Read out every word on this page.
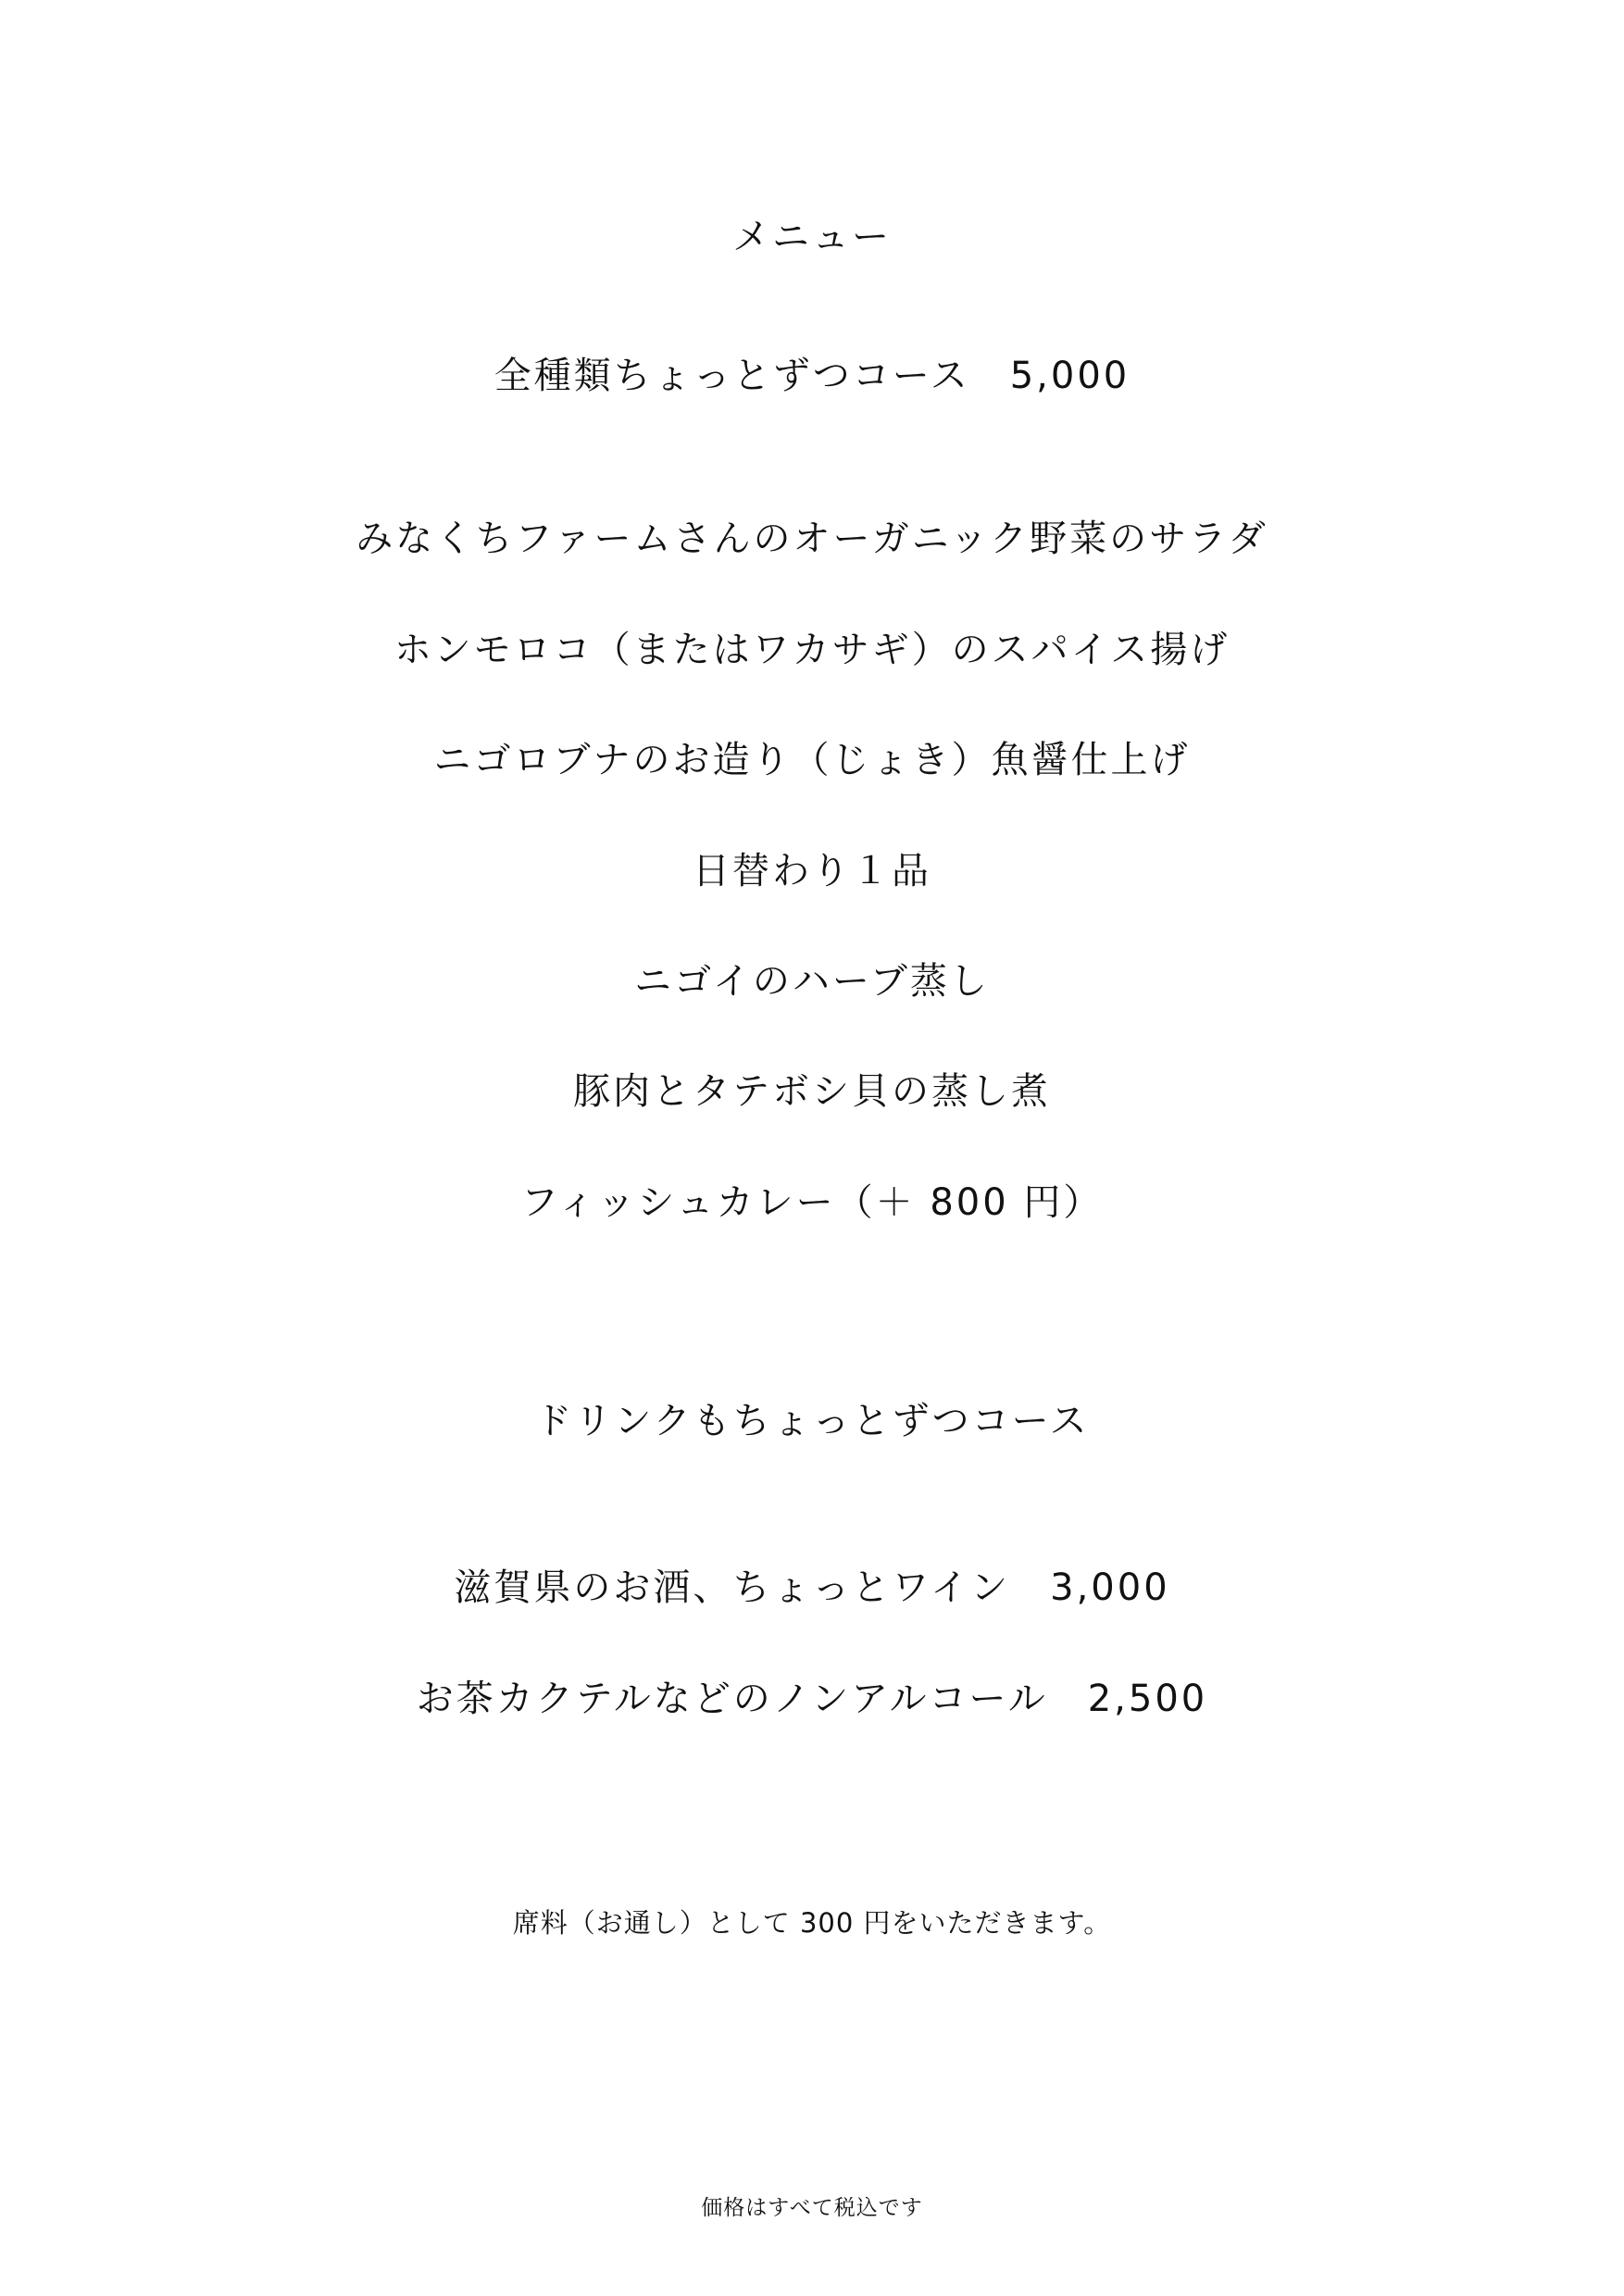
メニュー
全種類ちょっとずつコース　5,000
みなくちファームさんのオーガニック野菜のサラダ
ホンモロコ（またはワカサギ）のスパイス揚げ
ニゴロブナのお造り（じょき）魚醤仕上げ
日替わり１品
ニゴイのハーブ蒸し
豚肉とタテボシ貝の蒸し煮
フィッシュカレー（＋ 800 円）
ドリンクもちょっとずつコース
滋賀県のお酒、ちょっとワイン　3,000
お茶カクテルなどのノンアルコール　2,500
席料（お通し）として 300 円をいただきます。
価格はすべて税込です
